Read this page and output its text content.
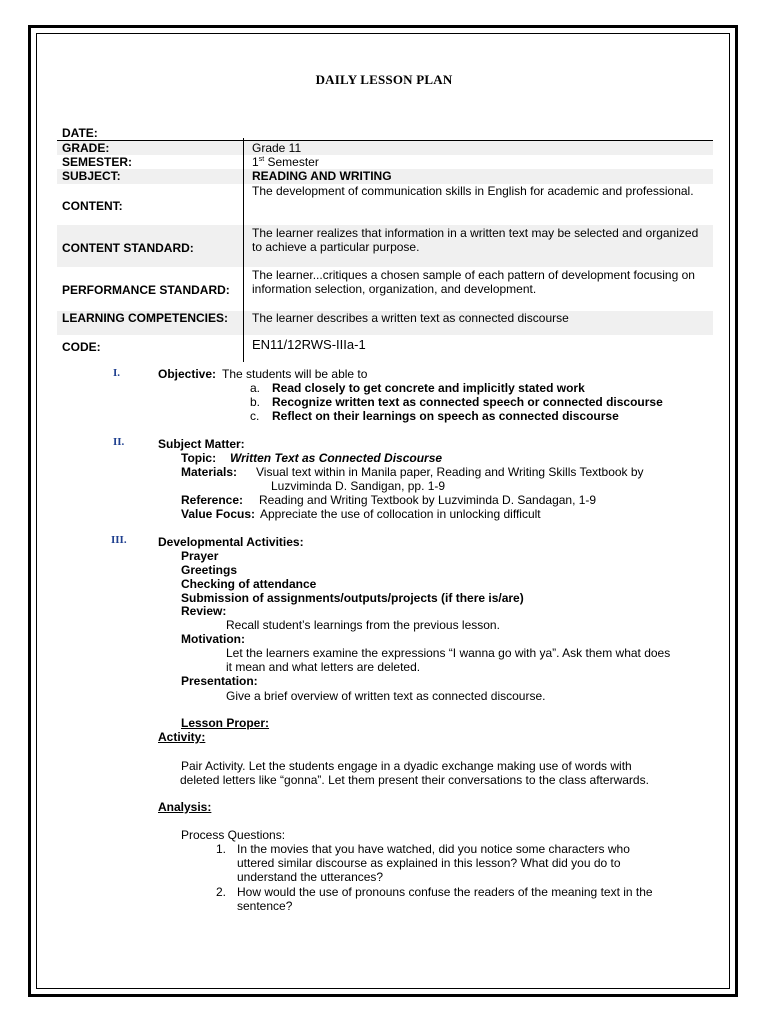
DAILY LESSON PLAN
DATE:
GRADE:	Grade 11
SEMESTER:	1st Semester
SUBJECT:	READING AND WRITING
CONTENT:
The development of communication skills in English for academic and professional.
CONTENT STANDARD:
The learner realizes that information in a written text may be selected and organized to achieve a particular purpose.
PERFORMANCE STANDARD:
The learner...critiques a chosen sample of each pattern of development focusing on information selection, organization, and development.
LEARNING COMPETENCIES: The learner describes a written text as connected discourse
CODE:	EN11/12RWS-IIIa-1
I.	Objective: The students will be able to
a. Read closely to get concrete and implicitly stated work
b. Recognize written text as connected speech or connected discourse
c. Reflect on their learnings on speech as connected discourse
II.	Subject Matter:
Topic: Written Text as Connected Discourse
Materials: Visual text within in Manila paper, Reading and Writing Skills Textbook by
Luzviminda D. Sandigan, pp. 1-9
Reference: Reading and Writing Textbook by Luzviminda D. Sandagan, 1-9
Value Focus: Appreciate the use of collocation in unlocking difficult
III.	Developmental Activities:
Prayer
Greetings
Checking of attendance
Submission of assignments/outputs/projects (if there is/are)
Review:
Recall student’s learnings from the previous lesson.
Motivation:
Let the learners examine the expressions “I wanna go with ya”. Ask them what does
it mean and what letters are deleted.
Presentation:
Give a brief overview of written text as connected discourse.
Lesson Proper:
Activity:
Pair Activity. Let the students engage in a dyadic exchange making use of words with
deleted letters like “gonna”. Let them present their conversations to the class afterwards.
Analysis:
Process Questions:
1. In the movies that you have watched, did you notice some characters who
uttered similar discourse as explained in this lesson? What did you do to
understand the utterances?
2. How would the use of pronouns confuse the readers of the meaning text in the
sentence?
